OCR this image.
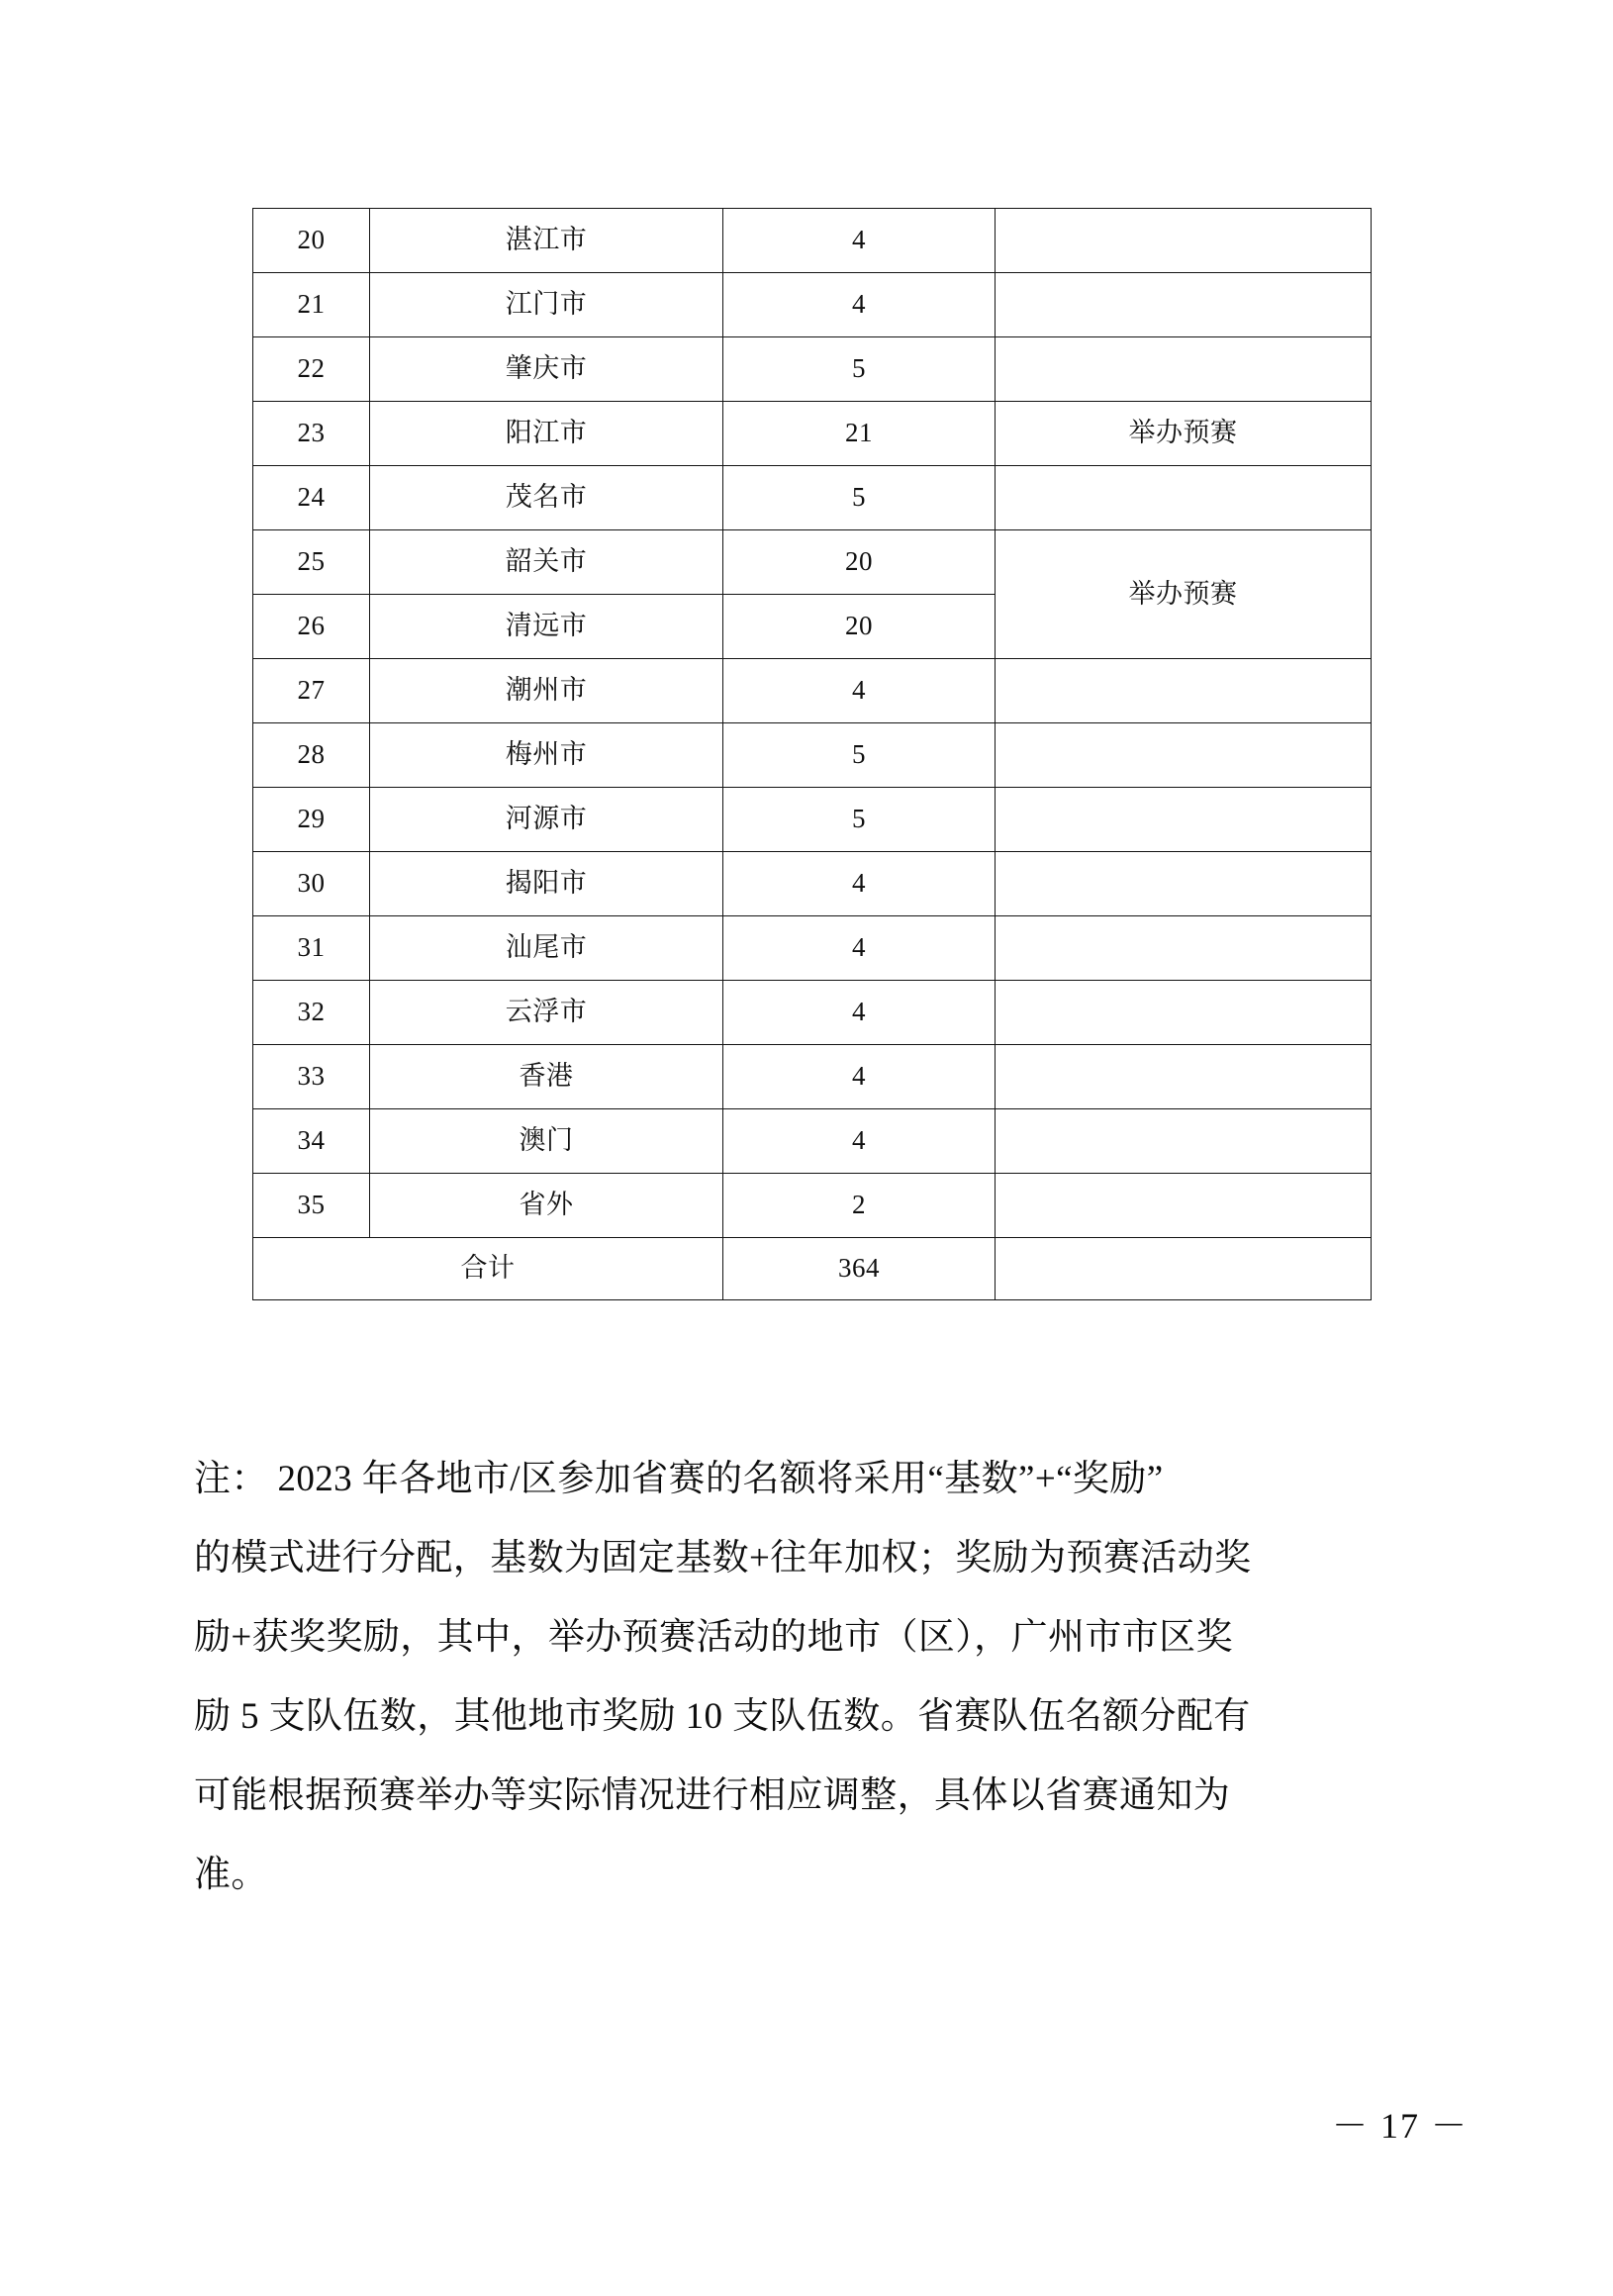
20	湛江市	4	
21	江门市	4	
22	肇庆市	5	
23	阳江市	21	举办预赛
24	茂名市	5	
25	韶关市	20	举办预赛
26	清远市	20	
27	潮州市	4	
28	梅州市	5	
29	河源市	5	
30	揭阳市	4	
31	汕尾市	4	
32	云浮市	4	
33	香港	4	
34	澳门	4	
35	省外	2	
合计		364	
注： 2023 年各地市/区参加省赛的名额将采用“基数”+“奖励”
的模式进行分配，基数为固定基数+往年加权；奖励为预赛活动奖
励+获奖奖励，其中，举办预赛活动的地市（区），广州市市区奖
励 5 支队伍数，其他地市奖励 10 支队伍数。省赛队伍名额分配有
可能根据预赛举办等实际情况进行相应调整，具体以省赛通知为
准。
－ 17 －
